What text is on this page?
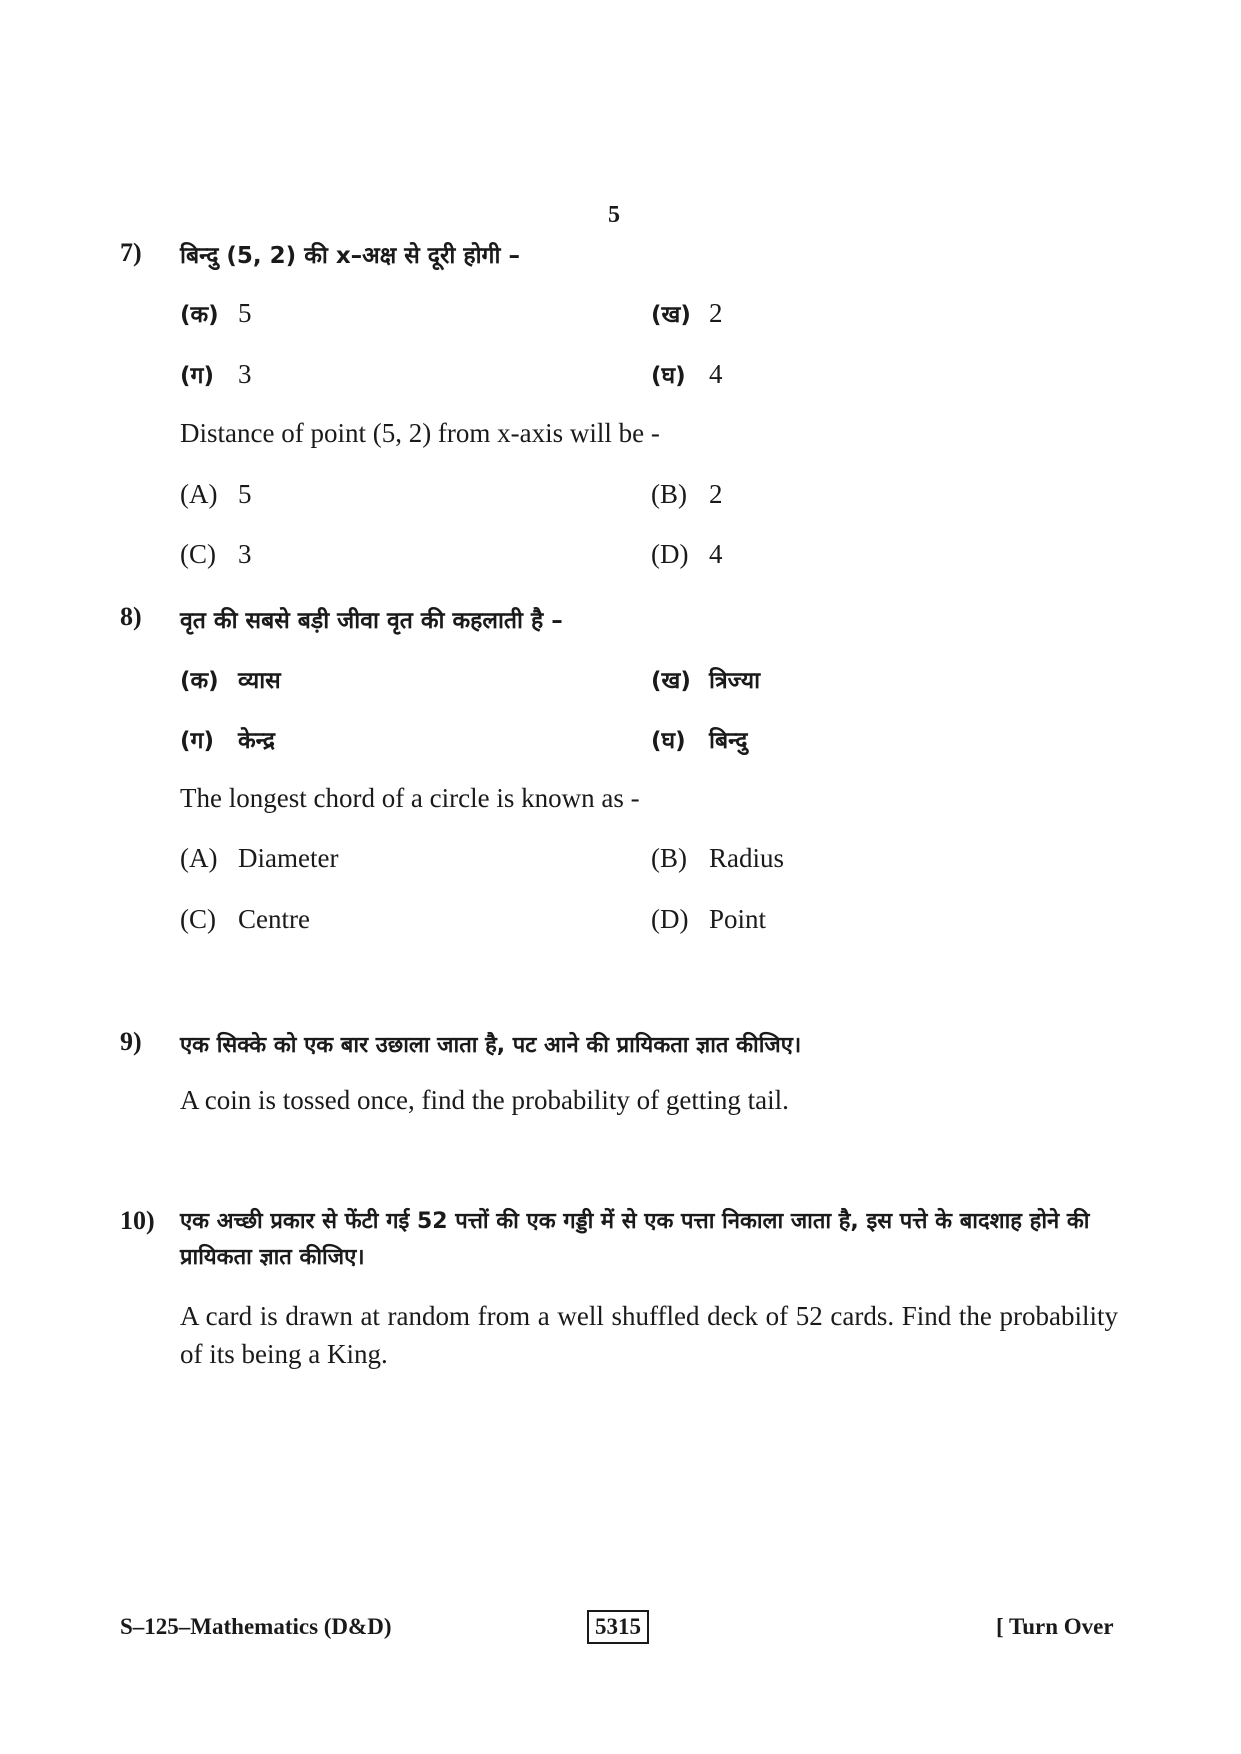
5
7) बिन्दु (5, 2) की x–अक्ष से दूरी होगी –
(क) 5	(ख) 2
(ग) 3	(घ) 4
Distance of point (5, 2) from x-axis will be -
(A) 5	(B) 2
(C) 3	(D) 4
8) वृत की सबसे बड़ी जीवा वृत की कहलाती है –
(क) व्यास	(ख) त्रिज्या
(ग) केन्द्र	(घ) बिन्दु
The longest chord of a circle is known as -
(A) Diameter	(B) Radius
(C) Centre	(D) Point
9) एक सिक्के को एक बार उछाला जाता है, पट आने की प्रायिकता ज्ञात कीजिए।
A coin is tossed once, find the probability of getting tail.
10) एक अच्छी प्रकार से फेंटी गई 52 पत्तों की एक गड्डी में से एक पत्ता निकाला जाता है, इस पत्ते के बादशाह होने की प्रायिकता ज्ञात कीजिए।
A card is drawn at random from a well shuffled deck of 52 cards. Find the probability of its being a King.
S–125–Mathematics (D&D)	5315	[ Turn Over
